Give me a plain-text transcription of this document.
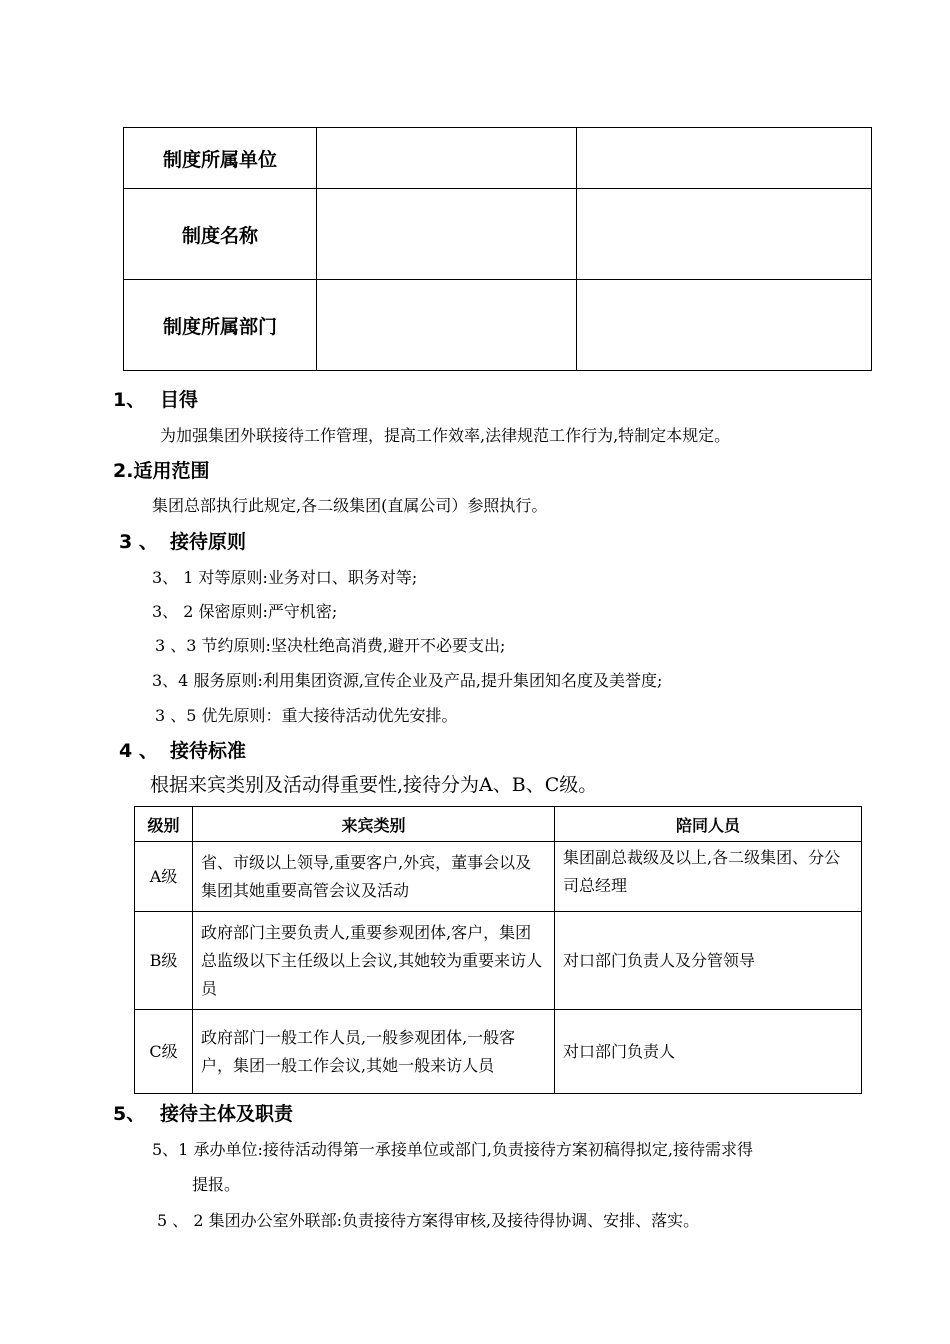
制度所属单位		
制度名称		
制度所属部门		
1、 目得
为加强集团外联接待工作管理，提高工作效率,法律规范工作行为,特制定本规定。
2.适用范围
集团总部执行此规定,各二级集团(直属公司）参照执行。
3 、 接待原则
3、 1 对等原则:业务对口、职务对等;
3、 2 保密原则:严守机密;
3 、3 节约原则:坚决杜绝高消费,避开不必要支出;
3、4 服务原则:利用集团资源,宣传企业及产品,提升集团知名度及美誉度;
3 、5 优先原则：重大接待活动优先安排。
4 、 接待标准
根据来宾类别及活动得重要性,接待分为A、B、C级。
级别	来宾类别	陪同人员
A级	省、市级以上领导,重要客户,外宾，董事会以及集团其她重要高管会议及活动	集团副总裁级及以上,各二级集团、分公司总经理
B级	政府部门主要负责人,重要参观团体,客户，集团总监级以下主任级以上会议,其她较为重要来访人员	对口部门负责人及分管领导
C级	政府部门一般工作人员,一般参观团体,一般客户，集团一般工作会议,其她一般来访人员	对口部门负责人
5、 接待主体及职责
5、1 承办单位:接待活动得第一承接单位或部门,负责接待方案初稿得拟定,接待需求得
提报。
5 、 2 集团办公室外联部:负责接待方案得审核,及接待得协调、安排、落实。
